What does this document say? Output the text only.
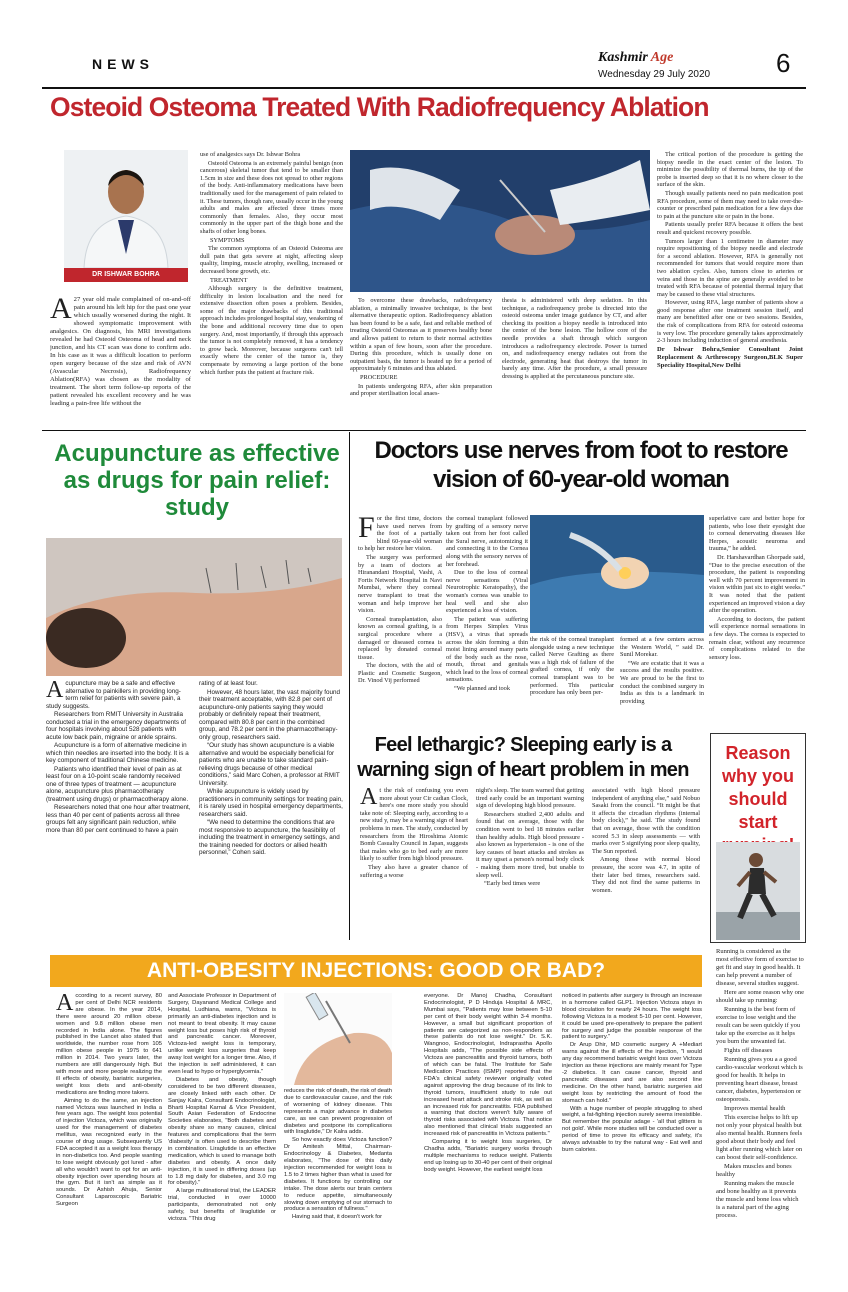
NEWS	Kashmir Age
Wednesday 29 July 2020	6
Osteoid Osteoma Treated With Radiofrequency Ablation
DR ISHWAR BOHRA
A 27 year old male complained of on-and-off pain around his left hip for the past one year which usually worsened during the night. It showed symptomatic improvement with analgesics. On diagnosis, his MRI investigations revealed he had Osteoid Osteoma of head and neck junction, and his CT scan was done to confirm ado. In his case as it was a difficult location to perform open surgery because of the size and risk of AVN (Avascular Necrosis), Radiofrequency Ablation(RFA) was chosen as the modality of treatment. The short term follow-up reports of the patient revealed his excellent recovery and he was leading a pain-free life without the

use of analgesics says Dr. Ishwar Bohra

Osteoid Osteoma is an extremely painful benign (non cancerous) skeletal tumor that tend to be smaller than 1.5cm in size and these does not spread to other regions of the body. Anti-inflammatory medications have been traditionally used for the management of pain related to it. These tumors, though rare, usually occur in the young adults and males are affected three times more commonly than females. Also, they occur most commonly in the upper part of the thigh bone and the shafts of other long bones.

SYMPTOMS

The common symptoms of an Osteoid Osteoma are dull pain that gets severe at night, affecting sleep quality, limping, muscle atrophy, swelling, increased or decreased bone growth, etc.

TREATMENT

Although surgery is the definitive treatment, difficulty in lesion localisation and the need for extensive dissection often poses a problem. Besides, some of the major drawbacks of this traditional approach includes prolonged hospital stay, weakening of the bone and additional recovery time due to open surgery. And, most importantly, if through this approach the tumor is not completely removed, it has a tendency to grow back. Moreover, because surgeons can't tell exactly where the center of the tumor is, they compensate by removing a large portion of the bone which further puts the patient at fracture risk.

To overcome these drawbacks, radiofrequency ablation, a minimally invasive technique, is the best alternative therapeutic option. Radiofrequency ablation has been found to be a safe, fast and reliable method of treating Osteoid Osteomas as it preserves healthy bone and allows patient to return to their normal activities within a span of few hours, soon after the procedure. During this procedure, which is usually done on outpatient basis, the tumor is heated up for a period of approximately 6 minutes and thus ablated.

PROCEDURE

In patients undergoing RFA, after skin preparation and proper sterilisation local anaes-

thesia is administered with deep sedation. In this technique, a radiofrequency probe is directed into the osteoid osteoma under image guidance by CT, and after checking its position a biopsy needle is introduced into the center of the bone lesion. The hollow core of the needle provides a shaft through which surgeon introduces a radiofrequency electrode. Power is turned on, and radiofrequency energy radiates out from the electrode, generating heat that destroys the tumor in barely any time. After the procedure, a small pressure dressing is applied at the percutaneous puncture site.

The critical portion of the procedure is getting the biopsy needle in the exact center of the lesion. To minimize the possibility of thermal burns, the tip of the probe is inserted deep so that it is no where closer to the surface of the skin.

Though usually patients need no pain medication post RFA procedure, some of them may need to take over-the-counter or prescribed pain medication for a few days due to pain at the puncture site or pain in the bone.

Patients usually prefer RFA because it offers the best result and quickest recovery possible.

Tumors larger than 1 centimetre in diameter may require repositioning of the biopsy needle and electrode for a second ablation. However, RFA is generally not recommended for tumors that would require more than two ablation cycles. Also, tumors close to arteries or veins and those in the spine are generally avoided to be treated with RFA because of potential thermal injury that may be caused to these vital structures.

However, using RFA, large number of patients show a good response after one treatment session itself, and many are benefitted after one or two sessions. Besides, the risk of complications from RFA for osteoid osteoma is very low. The procedure generally takes approximately 2-3 hours including induction of general anesthesia.

Dr Ishwar Bohra,Senior Consultant Joint Replacement & Arthroscopy Surgeon,BLK Super Speciality Hospital,New Delhi

Acupuncture as effective as drugs for pain relief: study

Acupuncture may be a safe and effective alternative to painkillers in providing long-term relief for patients with severe pain, a study suggests.

Researchers from RMIT University in Australia conducted a trial in the emergency departments of four hospitals involving about 528 patients with acute low back pain, migraine or ankle sprains.

Acupuncture is a form of alternative medicine in which thin needles are inserted into the body. It is a key component of traditional Chinese medicine.

Patients who identified their level of pain as at least four on a 10-point scale randomly received one of three types of treatment — acupuncture alone, acupuncture plus pharmacotherapy (treatment using drugs) or pharmacotherapy alone.

Researchers noted that one hour after treatment, less than 40 per cent of patients across all three groups felt any significant pain reduction, while more than 80 per cent continued to have a pain

rating of at least four.

However, 48 hours later, the vast majority found their treatment acceptable, with 82.8 per cent of acupuncture-only patients saying they would probably or definitely repeat their treatment, compared with 80.8 per cent in the combined group, and 78.2 per cent in the pharmacotherapy-only group, researchers said.

“Our study has shown acupuncture is a viable alternative and would be especially beneficial for patients who are unable to take standard pain-relieving drugs because of other medical conditions,” said Marc Cohen, a professor at RMIT University.

While acupuncture is widely used by practitioners in community settings for treating pain, it is rarely used in hospital emergency departments, researchers said.

“We need to determine the conditions that are most responsive to acupuncture, the feasibility of including the treatment in emergency settings, and the training needed for doctors or allied health personnel,” Cohen said.

Doctors use nerves from foot to restore
vision of 60-year-old woman

For the first time, doctors have used nerves from the foot of a partially blind 60-year-old woman to help her restore her vision.

The surgery was performed by a team of doctors at Hiranandani Hospital, Vashi, A Fortis Network Hospital in Navi Mumbai, where they corneal nerve transplant to treat the woman and help improve her vision.

Corneal transplantation, also known as corneal grafting, is a surgical procedure where a damaged or diseased cornea is replaced by donated corneal tissue.

The doctors, with the aid of Plastic and Cosmetic Surgeon, Dr. Vinod Vij performed

the corneal transplant followed by grafting of a sensory nerve taken out from her foot called the Sural nerve, autotomizing it and connecting it to the Cornea along with the sensory nerves of her forehead.

Due to the loss of corneal nerve sensations (Viral Neurotrophic Keratopathy), the woman's cornea was unable to heal well and she also experienced a loss of vision.

The patient was suffering from Herpes Simplex Virus (HSV), a virus that spreads across the skin forming a thin moist lining around many parts of the body such as the nose, mouth, throat and genitals which lead to the loss of corneal sensations.

“We planned and took

the risk of the corneal transplant alongside using a new technique called Nerve Grafting as there was a high risk of failure of the grafted cornea, if only the corneal transplant was to be performed. This particular procedure has only been per-

formed at a few centers across the Western World, ” said Dr. Sunil Morekar.

“We are ecstatic that it was a success and the results positive. We are proud to be the first to conduct the combined surgery in India as this is a landmark in providing

superlative care and better hope for patients, who lose their eyesight due to corneal denervating diseases like Herpes, acoustic neuroma and trauma,” he added.

Dr. Harshavardhan Ghorpade said, “Due to the precise execution of the procedure, the patient is responding well with 70 percent improvement in vision within just six to eight weeks.” It was noted that the patient experienced an improved vision a day after the operation.

According to doctors, the patient will experience normal sensations in a few days. The cornea is expected to remain clear, without any recurrence of complications related to the sensory loss.

Feel lethargic? Sleeping early is a
warning sign of heart problem in men

At the risk of confusing you even more about your Cir cadian Clock, here's one more study you should take note of: Sleeping early, according to a new stud y, may be a warning sign of heart problems in men. The study, conducted by researchers from the Hiroshima Atomic Bomb Casualty Council in Japan, suggests that males who go to bed early are more likely to suffer from high blood pressure.

They also have a greater chance of suffering a worse

night's sleep. The team warned that getting tired early could be an important warning sign of developing high blood pressure.

Researchers studied 2,400 adults and found that on average, those with the condition went to bed 18 minutes earlier than healthy adults. High blood pressure - also known as hypertension - is one of the key causes of heart attacks and strokes as it may upset a person's normal body clock - making them more tired, but unable to sleep well.

“Early bed times were

associated with high blood pressure independent of anything else,” said Nobuo Sasaki from the council. “It might be that it affects the circadian rhythms (internal body clock),” he said. The study found that on average, those with the condition scored 5.3 in sleep assessments — with marks over 5 signifying poor sleep quality, The Sun reported.

Among those with normal blood pressure, the score was 4.7, in spite of their later bed times, researchers said. They did not find the same patterns in women.

Reason why you should start

Running is considered as the most effective form of exercise to get fit and stay in good health. It can help prevent a number of disease, several studies suggest.

Here are some reason why one should take up running:

Running is the best form of exercise to lose weight and the result can be seen quickly if you take up the exercise as it helps you burn the unwanted fat.

Fights off diseases

Running gives you a a good cardio-vascular workout which is good for health. It helps in preventing heart disease, breast cancer, diabetes, hypertension or osteoporosis.

Improves mental health

This exercise helps to lift up not only your physical health but also mental health. Runners feels good about their body and feel light after running which later on can boost their self-confidence.

Makes muscles and bones healthy

Running makes the muscle and bone healthy as it prevents the muscle and bone loss which is a natural part of the aging process.

ANTI-OBESITY INJECTIONS: GOOD OR BAD?

According to a recent survey, 80 per cent of Delhi NCR residents are obese. In the year 2014, there were around 20 million obese women and 9.8 million obese men recorded in India alone. The figures published in the Lancet also stated that worldwide, the number rose from 105 million obese people in 1975 to 641 million in 2014. Two years later, the numbers are still dangerously high. But with more and more people realizing the ill effects of obesity, bariatric surgeries, weight loss diets and anti-obesity medications are finding more takers.

Aiming to do the same, an injection named Victoza was launched in India a few years ago. The weight loss potential of injection Victoza, which was originally used for the management of diabetes mellitus, was recognized early in the course of drug usage. Subsequently US FDA accepted it as a weight loss therapy in non-diabetics too. And people wanting to lose weight obviously got lured - after all who wouldn't want to opt for an anti-obesity injection over spending hours at the gym. But it isn't as simple as it sounds. Dr Ashish Ahuja, Senior Consultant Laparoscopic Bariatric Surgeon

and Associate Professor in Department of Surgery, Dayanand Medical College and Hospital, Ludhiana, warns, "Victoza is primarily an anti-diabetes injection and is not meant to treat obesity. It may cause weight loss but poses high risk of thyroid and pancreatic cancer. Moreover, Victoza-led weight loss is temporary, unlike weight loss surgeries that keep away lost weight for a longer time. Also, if the injection is self administered, it can even lead to hypo or hyperglycemia."

Diabetes and obesity, though considered to be two different diseases, are closely linked with each other. Dr Sanjay Kalra, Consultant Endocrinologist, Bharti Hospital Karnal & Vice President, South Asian Federation of Endocrine Societies elaborates, "Both diabetes and obesity share so many causes, clinical features and complications that the term 'diabesity' is often used to describe them in combination. Liraglutide is an effective medication, which is used to manage both diabetes and obesity. A once daily injection, it is used in differing doses (up to 1.8 mg daily for diabetes, and 3.0 mg for obesity)."

A large multinational trial, the LEADER trial, conducted in over 10000 participants, demonstrated not only safety, but benefits of liraglutide or victoza. "This drug

reduces the risk of death, the risk of death due to cardiovascular cause, and the risk of worsening of kidney disease. This represents a major advance in diabetes care, as we can prevent progression of diabetes and postpone its complications with liraglutide," Dr Kalra adds.

So how exactly does Victoza function? Dr Amitesh Mittal, Chairman-Endocrinology & Diabetes, Medanta elaborates, "The dose of this daily injection recommended for weight loss is 1.5 to 2 times higher than what is used for diabetes. It functions by controlling our intake. The dose alerts our brain centers to reduce appetite, simultaneously slowing down emptying of our stomach to produce a sensation of fullness."

Having said that, it doesn't work for

everyone. Dr Manoj Chadha, Consultant Endocrinologist, P D Hinduja Hospital & MRC, Mumbai says, "Patients may lose between 5-10 per cent of their body weight within 3-4 months. However, a small but significant proportion of patients are categorized as non-responders as these patients do not lose weight." Dr. S.K. Wangnoo, Endocrinologist, Indraprastha Apollo Hospitals adds, "The possible side effects of Victoza are pancreatitis and thyroid tumors, both of which can be fatal. The Institute for Safe Medication Practices (ISMP) reported that the FDA's clinical safety reviewer originally voted against approving the drug because of its link to thyroid tumors, insufficient study to rule out increased heart attack and stroke risk, as well as an increased risk for pancreatitis. FDA published a warning that doctors weren't fully aware of thyroid risks associated with Victoza. That notice also mentioned that clinical trials suggested an increased risk of pancreatitis in Victoza patients."

Comparing it to weight loss surgeries, Dr Chadha adds, "Bariatric surgery works through multiple mechanisms to reduce weight. Patients end up losing up to 30-40 per cent of their original body weight. However, the earliest weight loss

noticed in patients after surgery is through an increase in a hormone called GLP1. Injection Victoza stays in blood circulation for nearly 24 hours. The weight loss following Victoza is a modest 5-10 per cent. However, it could be used pre-operatively to prepare the patient for surgery and judge the possible response of the patient to surgery."

Dr Arup Dhir, MD cosmetic surgery A +Mediart warns against the ill effects of the injection, "I would any day recommend bariatric weight loss over Victoza injection as these injections are mainly meant for Type -2 diabetics. It can cause cancer, thyroid and pancreatic diseases and are also second line medicine. On the other hand, bariatric surgeries aid weight loss by restricting the amount of food the stomach can hold."

With a huge number of people struggling to shed weight, a fat-fighting injection surely seems irresistible. But remember the popular adage - 'all that glitters is not gold'. While more studies will be conducted over a period of time to prove its efficacy and safety, it's always advisable to try the natural way - Eat well and burn calories.
